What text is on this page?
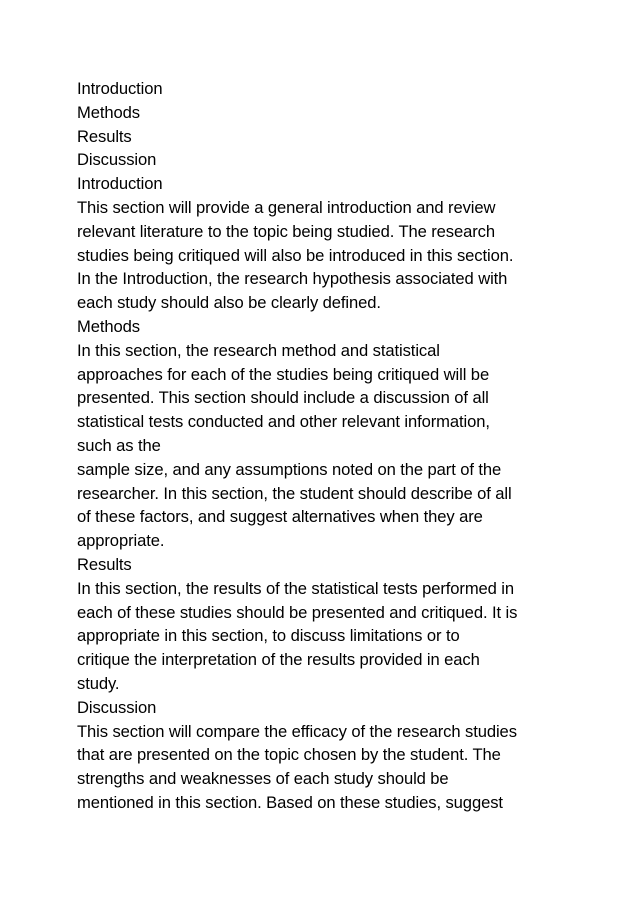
Introduction
Methods
Results
Discussion
Introduction
This section will provide a general introduction and review
relevant literature to the topic being studied. The research
studies being critiqued will also be introduced in this section.
In the Introduction, the research hypothesis associated with
each study should also be clearly defined.
Methods
In this section, the research method and statistical
approaches for each of the studies being critiqued will be
presented. This section should include a discussion of all
statistical tests conducted and other relevant information,
such as the
sample size, and any assumptions noted on the part of the
researcher. In this section, the student should describe of all
of these factors, and suggest alternatives when they are
appropriate.
Results
In this section, the results of the statistical tests performed in
each of these studies should be presented and critiqued. It is
appropriate in this section, to discuss limitations or to
critique the interpretation of the results provided in each
study.
Discussion
This section will compare the efficacy of the research studies
that are presented on the topic chosen by the student. The
strengths and weaknesses of each study should be
mentioned in this section. Based on these studies, suggest
